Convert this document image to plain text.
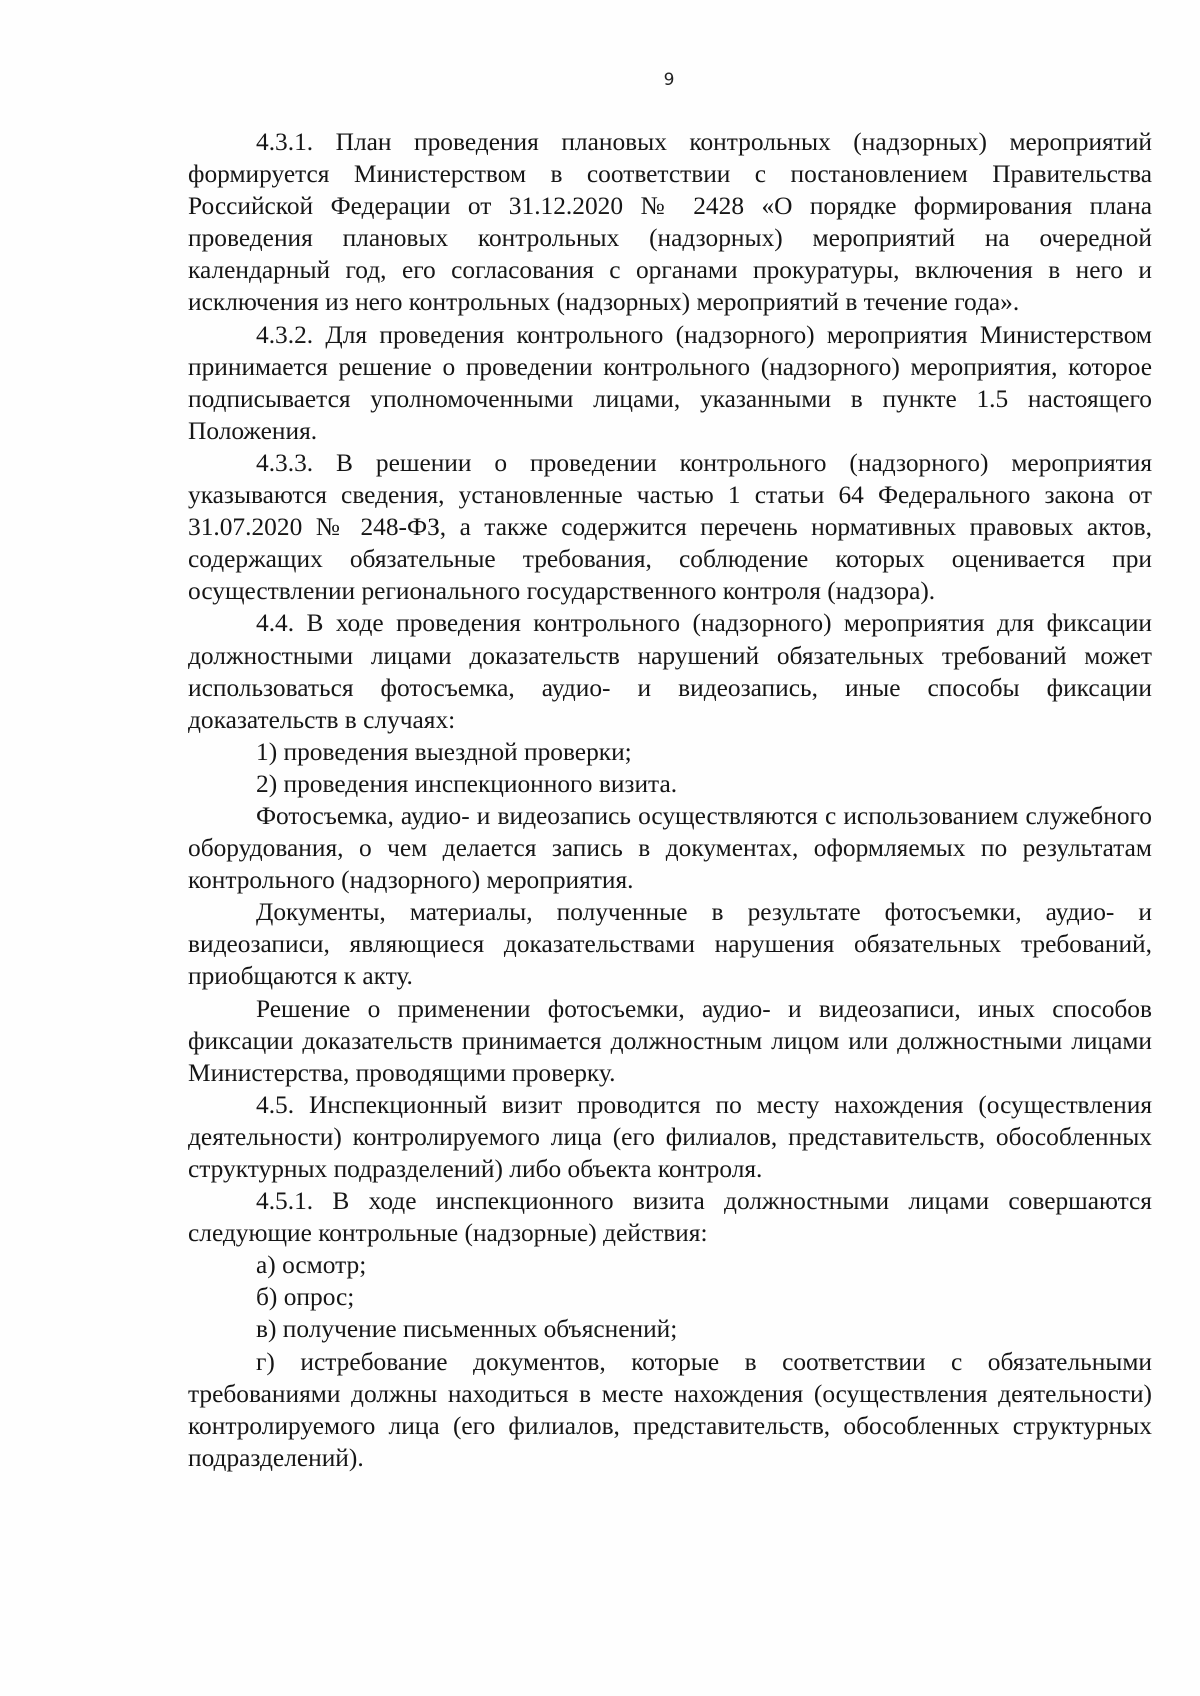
9

4.3.1. План проведения плановых контрольных (надзорных) мероприятий формируется Министерством в соответствии с постановлением Правительства Российской Федерации от 31.12.2020 № 2428 «О порядке формирования плана проведения плановых контрольных (надзорных) мероприятий на очередной календарный год, его согласования с органами прокуратуры, включения в него и исключения из него контрольных (надзорных) мероприятий в течение года».

4.3.2. Для проведения контрольного (надзорного) мероприятия Министерством принимается решение о проведении контрольного (надзорного) мероприятия, которое подписывается уполномоченными лицами, указанными в пункте 1.5 настоящего Положения.

4.3.3. В решении о проведении контрольного (надзорного) мероприятия указываются сведения, установленные частью 1 статьи 64 Федерального закона от 31.07.2020 № 248-ФЗ, а также содержится перечень нормативных правовых актов, содержащих обязательные требования, соблюдение которых оценивается при осуществлении регионального государственного контроля (надзора).

4.4. В ходе проведения контрольного (надзорного) мероприятия для фиксации должностными лицами доказательств нарушений обязательных требований может использоваться фотосъемка, аудио- и видеозапись, иные способы фиксации доказательств в случаях:

1) проведения выездной проверки;

2) проведения инспекционного визита.

Фотосъемка, аудио- и видеозапись осуществляются с использованием служебного оборудования, о чем делается запись в документах, оформляемых по результатам контрольного (надзорного) мероприятия.

Документы, материалы, полученные в результате фотосъемки, аудио- и видеозаписи, являющиеся доказательствами нарушения обязательных требований, приобщаются к акту.

Решение о применении фотосъемки, аудио- и видеозаписи, иных способов фиксации доказательств принимается должностным лицом или должностными лицами Министерства, проводящими проверку.

4.5. Инспекционный визит проводится по месту нахождения (осуществления деятельности) контролируемого лица (его филиалов, представительств, обособленных структурных подразделений) либо объекта контроля.

4.5.1. В ходе инспекционного визита должностными лицами совершаются следующие контрольные (надзорные) действия:

а) осмотр;

б) опрос;

в) получение письменных объяснений;

г) истребование документов, которые в соответствии с обязательными требованиями должны находиться в месте нахождения (осуществления деятельности) контролируемого лица (его филиалов, представительств, обособленных структурных подразделений).
